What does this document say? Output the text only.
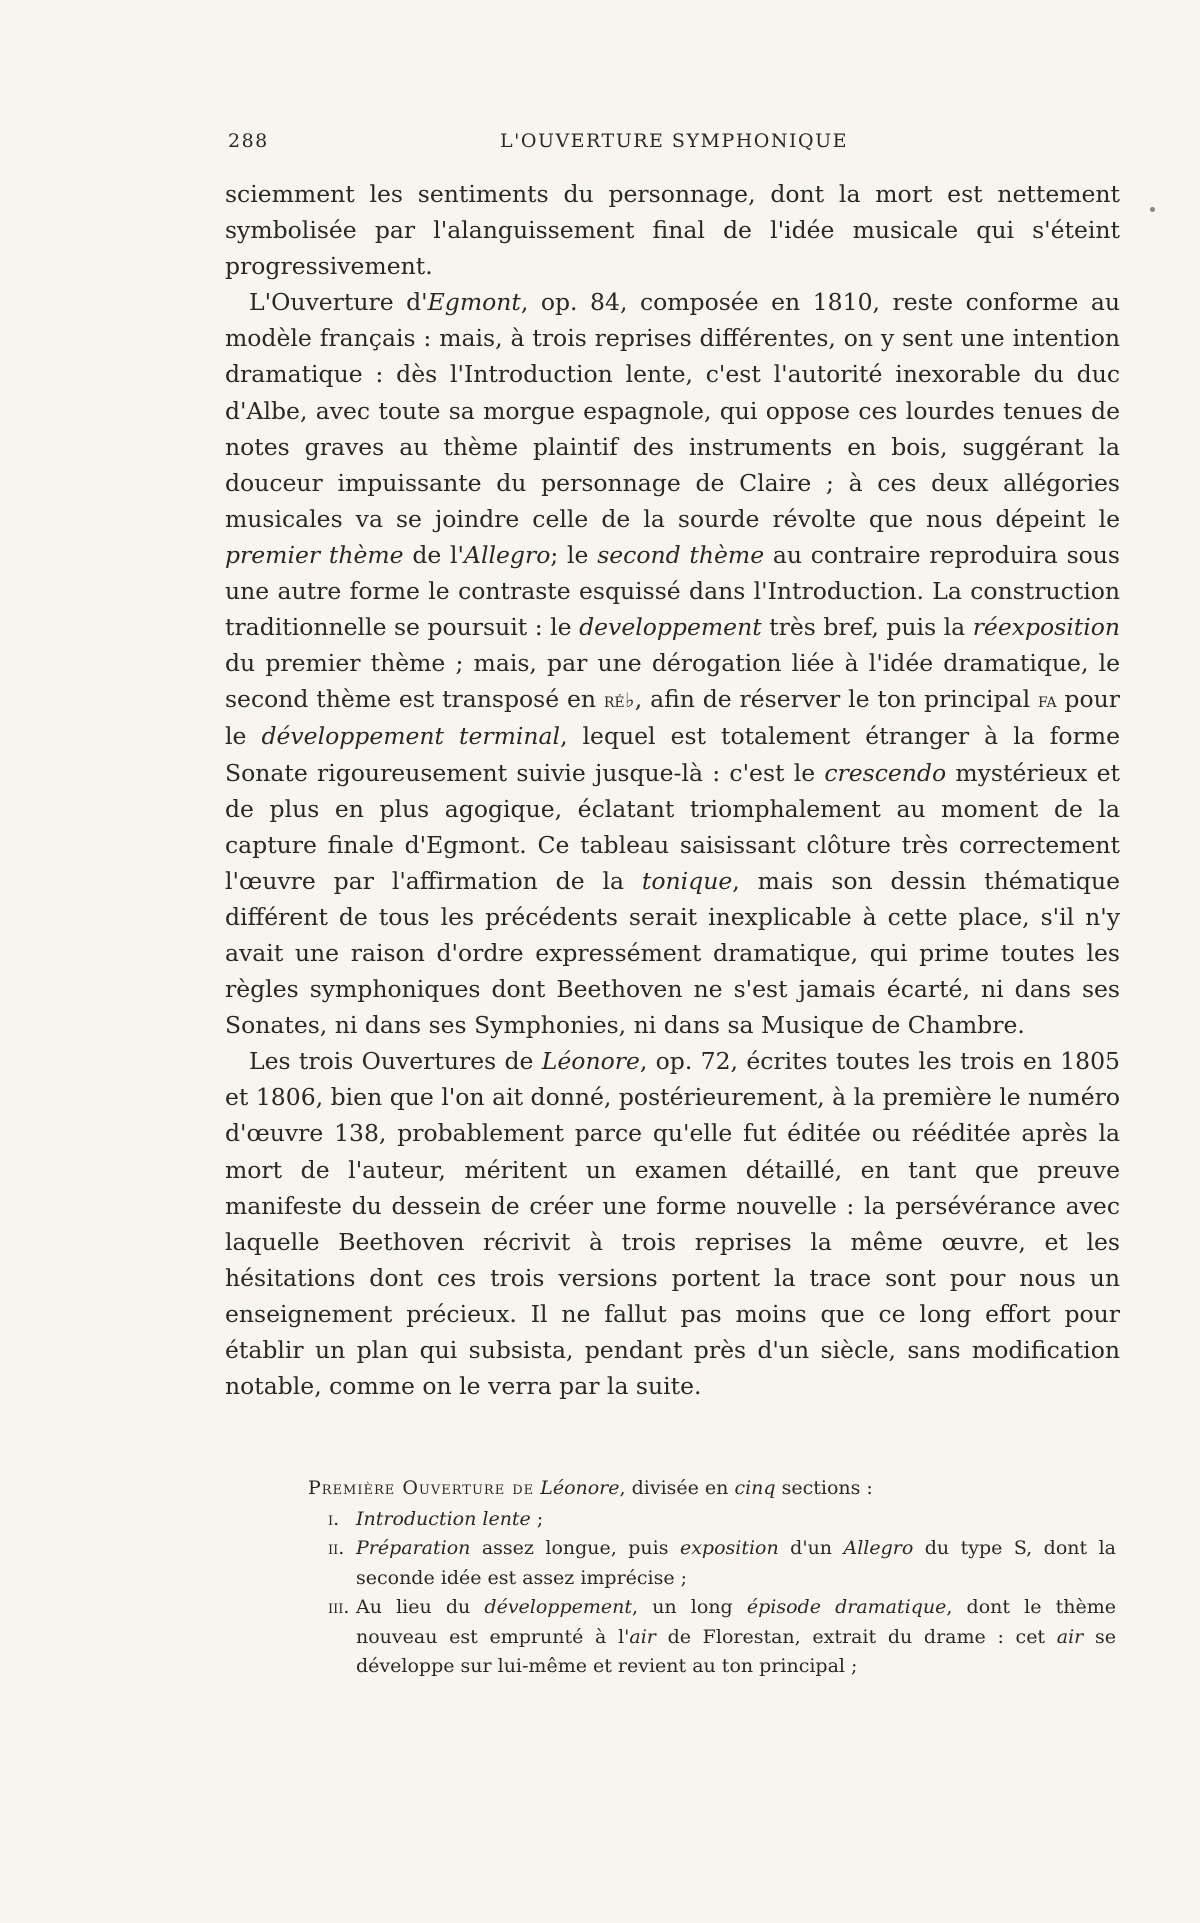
288	L'OUVERTURE SYMPHONIQUE

sciemment les sentiments du personnage, dont la mort est nettement symbolisée par l'alanguissement final de l'idée musicale qui s'éteint progressivement.

L'Ouverture d'Egmont, op. 84, composée en 1810, reste conforme au modèle français : mais, à trois reprises différentes, on y sent une intention dramatique : dès l'Introduction lente, c'est l'autorité inexorable du duc d'Albe, avec toute sa morgue espagnole, qui oppose ces lourdes tenues de notes graves au thème plaintif des instruments en bois, suggérant la douceur impuissante du personnage de Claire ; à ces deux allégories musicales va se joindre celle de la sourde révolte que nous dépeint le premier thème de l'Allegro; le second thème au contraire reproduira sous une autre forme le contraste esquissé dans l'Introduction. La construction traditionnelle se poursuit : le developpement très bref, puis la réexposition du premier thème ; mais, par une dérogation liée à l'idée dramatique, le second thème est transposé en ré♭, afin de réserver le ton principal fa pour le développement terminal, lequel est totalement étranger à la forme Sonate rigoureusement suivie jusque-là : c'est le crescendo mystérieux et de plus en plus agogique, éclatant triomphalement au moment de la capture finale d'Egmont. Ce tableau saisissant clôture très correctement l'œuvre par l'affirmation de la tonique, mais son dessin thématique différent de tous les précédents serait inexplicable à cette place, s'il n'y avait une raison d'ordre expressément dramatique, qui prime toutes les règles symphoniques dont Beethoven ne s'est jamais écarté, ni dans ses Sonates, ni dans ses Symphonies, ni dans sa Musique de Chambre.

Les trois Ouvertures de Léonore, op. 72, écrites toutes les trois en 1805 et 1806, bien que l'on ait donné, postérieurement, à la première le numéro d'œuvre 138, probablement parce qu'elle fut éditée ou rééditée après la mort de l'auteur, méritent un examen détaillé, en tant que preuve manifeste du dessein de créer une forme nouvelle : la persévérance avec laquelle Beethoven récrivit à trois reprises la même œuvre, et les hésitations dont ces trois versions portent la trace sont pour nous un enseignement précieux. Il ne fallut pas moins que ce long effort pour établir un plan qui subsista, pendant près d'un siècle, sans modification notable, comme on le verra par la suite.

Première Ouverture de Léonore, divisée en cinq sections :

i. Introduction lente ;
ii. Préparation assez longue, puis exposition d'un Allegro du type S, dont la seconde idée est assez imprécise ;
iii. Au lieu du développement, un long épisode dramatique, dont le thème nouveau est emprunté à l'air de Florestan, extrait du drame : cet air se développe sur lui-même et revient au ton principal ;
